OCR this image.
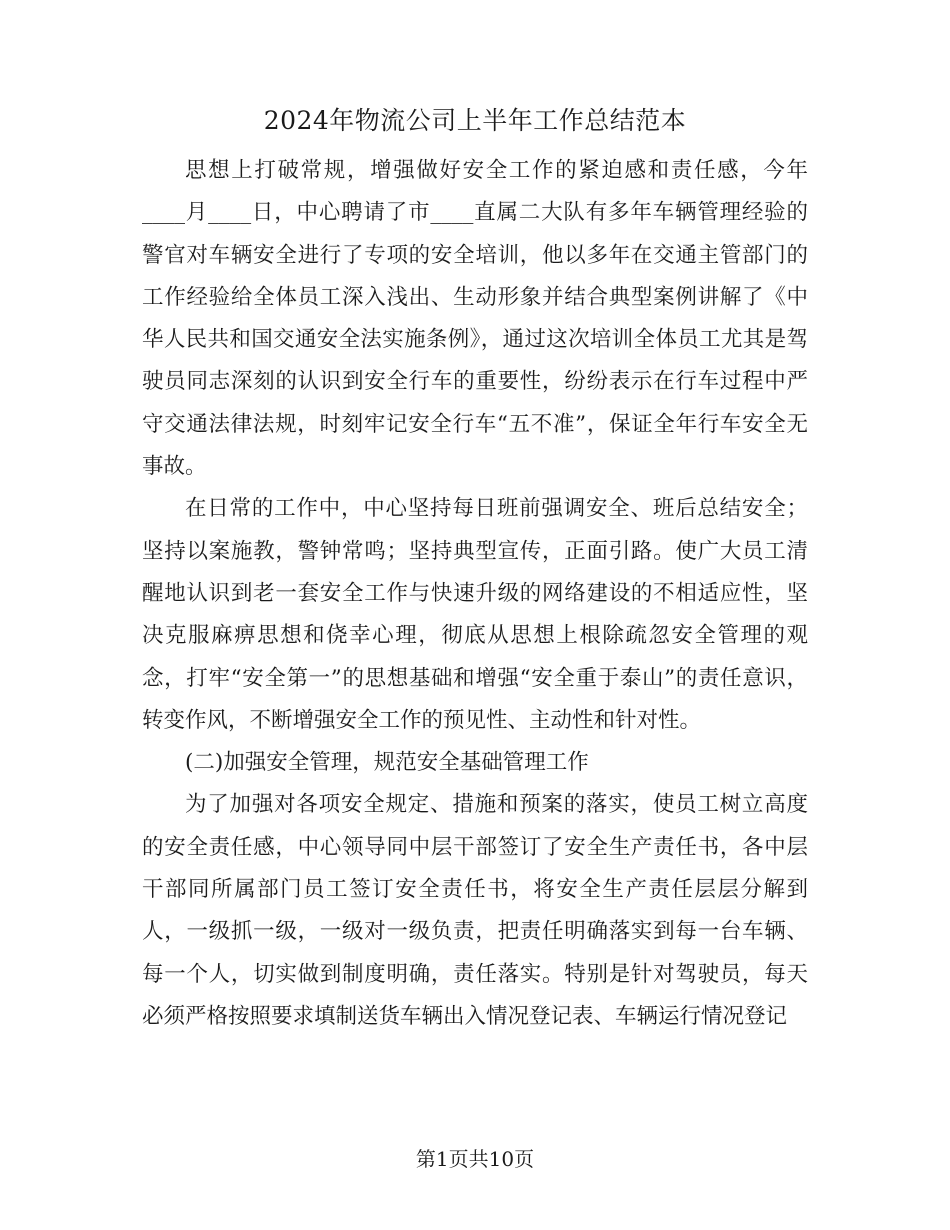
2024年物流公司上半年工作总结范本

思想上打破常规，增强做好安全工作的紧迫感和责任感，今年____月____日，中心聘请了市____直属二大队有多年车辆管理经验的警官对车辆安全进行了专项的安全培训，他以多年在交通主管部门的工作经验给全体员工深入浅出、生动形象并结合典型案例讲解了《中华人民共和国交通安全法实施条例》，通过这次培训全体员工尤其是驾驶员同志深刻的认识到安全行车的重要性，纷纷表示在行车过程中严守交通法律法规，时刻牢记安全行车“五不准”，保证全年行车安全无事故。

在日常的工作中，中心坚持每日班前强调安全、班后总结安全；坚持以案施教，警钟常鸣；坚持典型宣传，正面引路。使广大员工清醒地认识到老一套安全工作与快速升级的网络建设的不相适应性，坚决克服麻痹思想和侥幸心理，彻底从思想上根除疏忽安全管理的观念，打牢“安全第一”的思想基础和增强“安全重于泰山”的责任意识，转变作风，不断增强安全工作的预见性、主动性和针对性。

(二)加强安全管理，规范安全基础管理工作

为了加强对各项安全规定、措施和预案的落实，使员工树立高度的安全责任感，中心领导同中层干部签订了安全生产责任书，各中层干部同所属部门员工签订安全责任书，将安全生产责任层层分解到人，一级抓一级，一级对一级负责，把责任明确落实到每一台车辆、每一个人，切实做到制度明确，责任落实。特别是针对驾驶员，每天必须严格按照要求填制送货车辆出入情况登记表、车辆运行情况登记

第1页共10页
